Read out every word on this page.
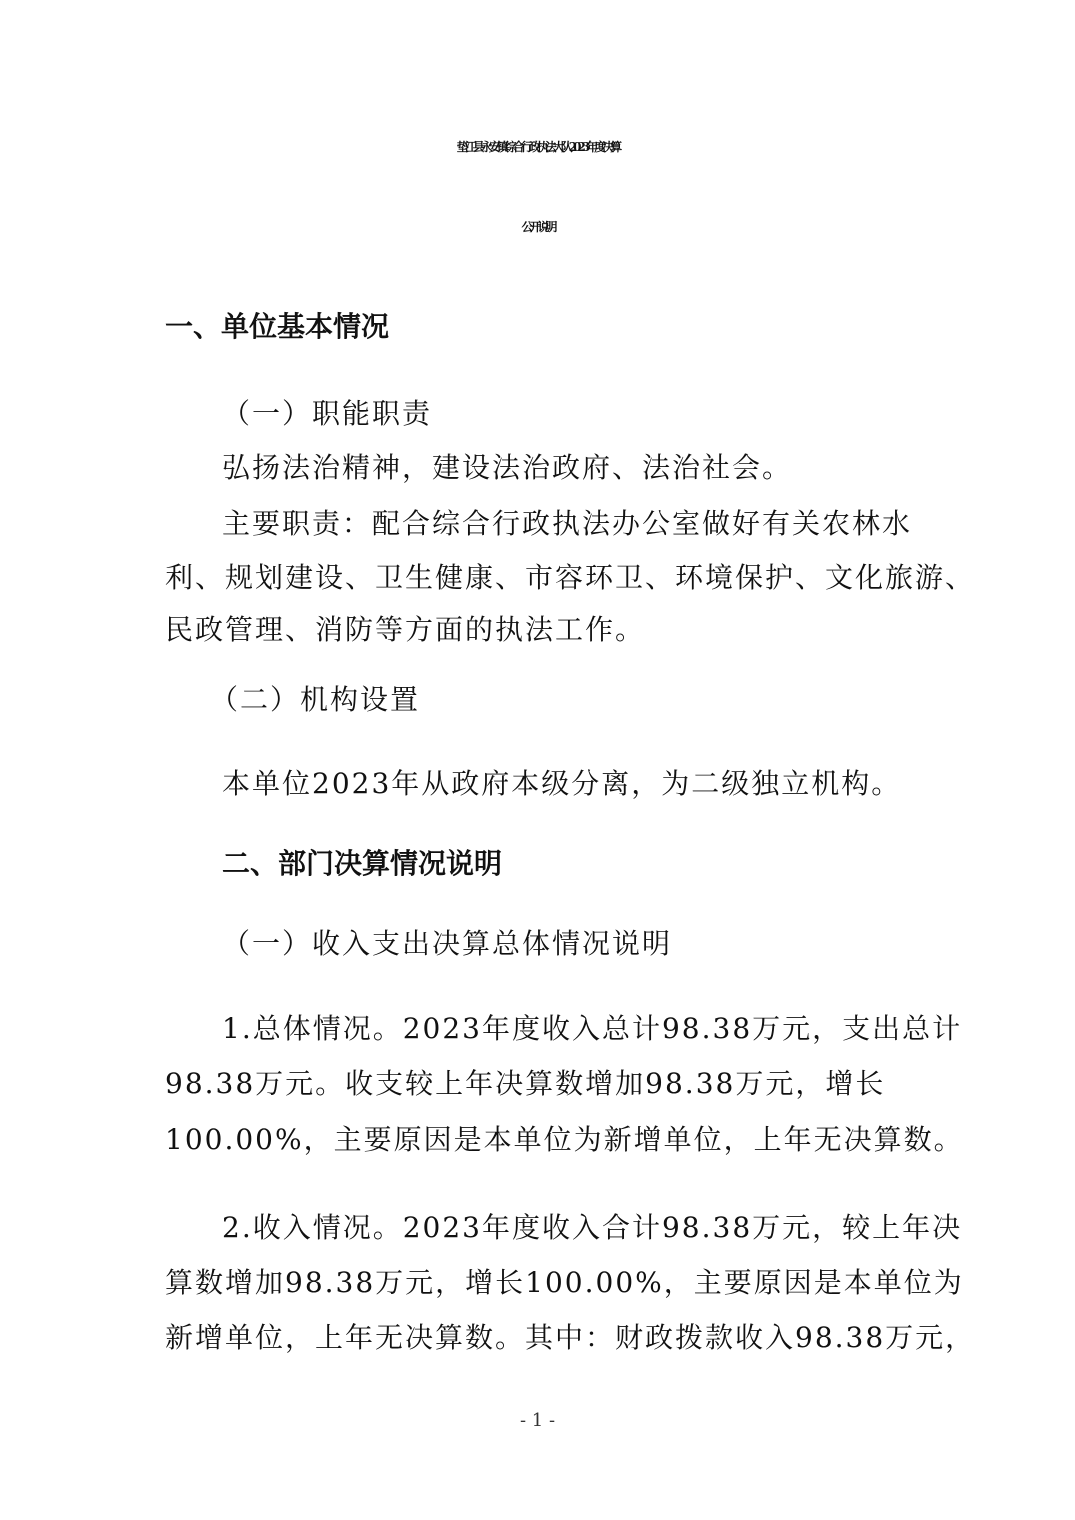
垫江县永安镇综合行政执法大队2023年度决算
公开说明
一、单位基本情况
（一）职能职责
弘扬法治精神，建设法治政府、法治社会。
主要职责：配合综合行政执法办公室做好有关农林水
利、规划建设、卫生健康、市容环卫、环境保护、文化旅游、
民政管理、消防等方面的执法工作。
（二）机构设置
本单位2023年从政府本级分离，为二级独立机构。
二、部门决算情况说明
（一）收入支出决算总体情况说明
1.总体情况。2023年度收入总计98.38万元，支出总计
98.38万元。收支较上年决算数增加98.38万元，增长
100.00%，主要原因是本单位为新增单位，上年无决算数。
2.收入情况。2023年度收入合计98.38万元，较上年决
算数增加98.38万元，增长100.00%，主要原因是本单位为
新增单位，上年无决算数。其中：财政拨款收入98.38万元，
- 1 -
